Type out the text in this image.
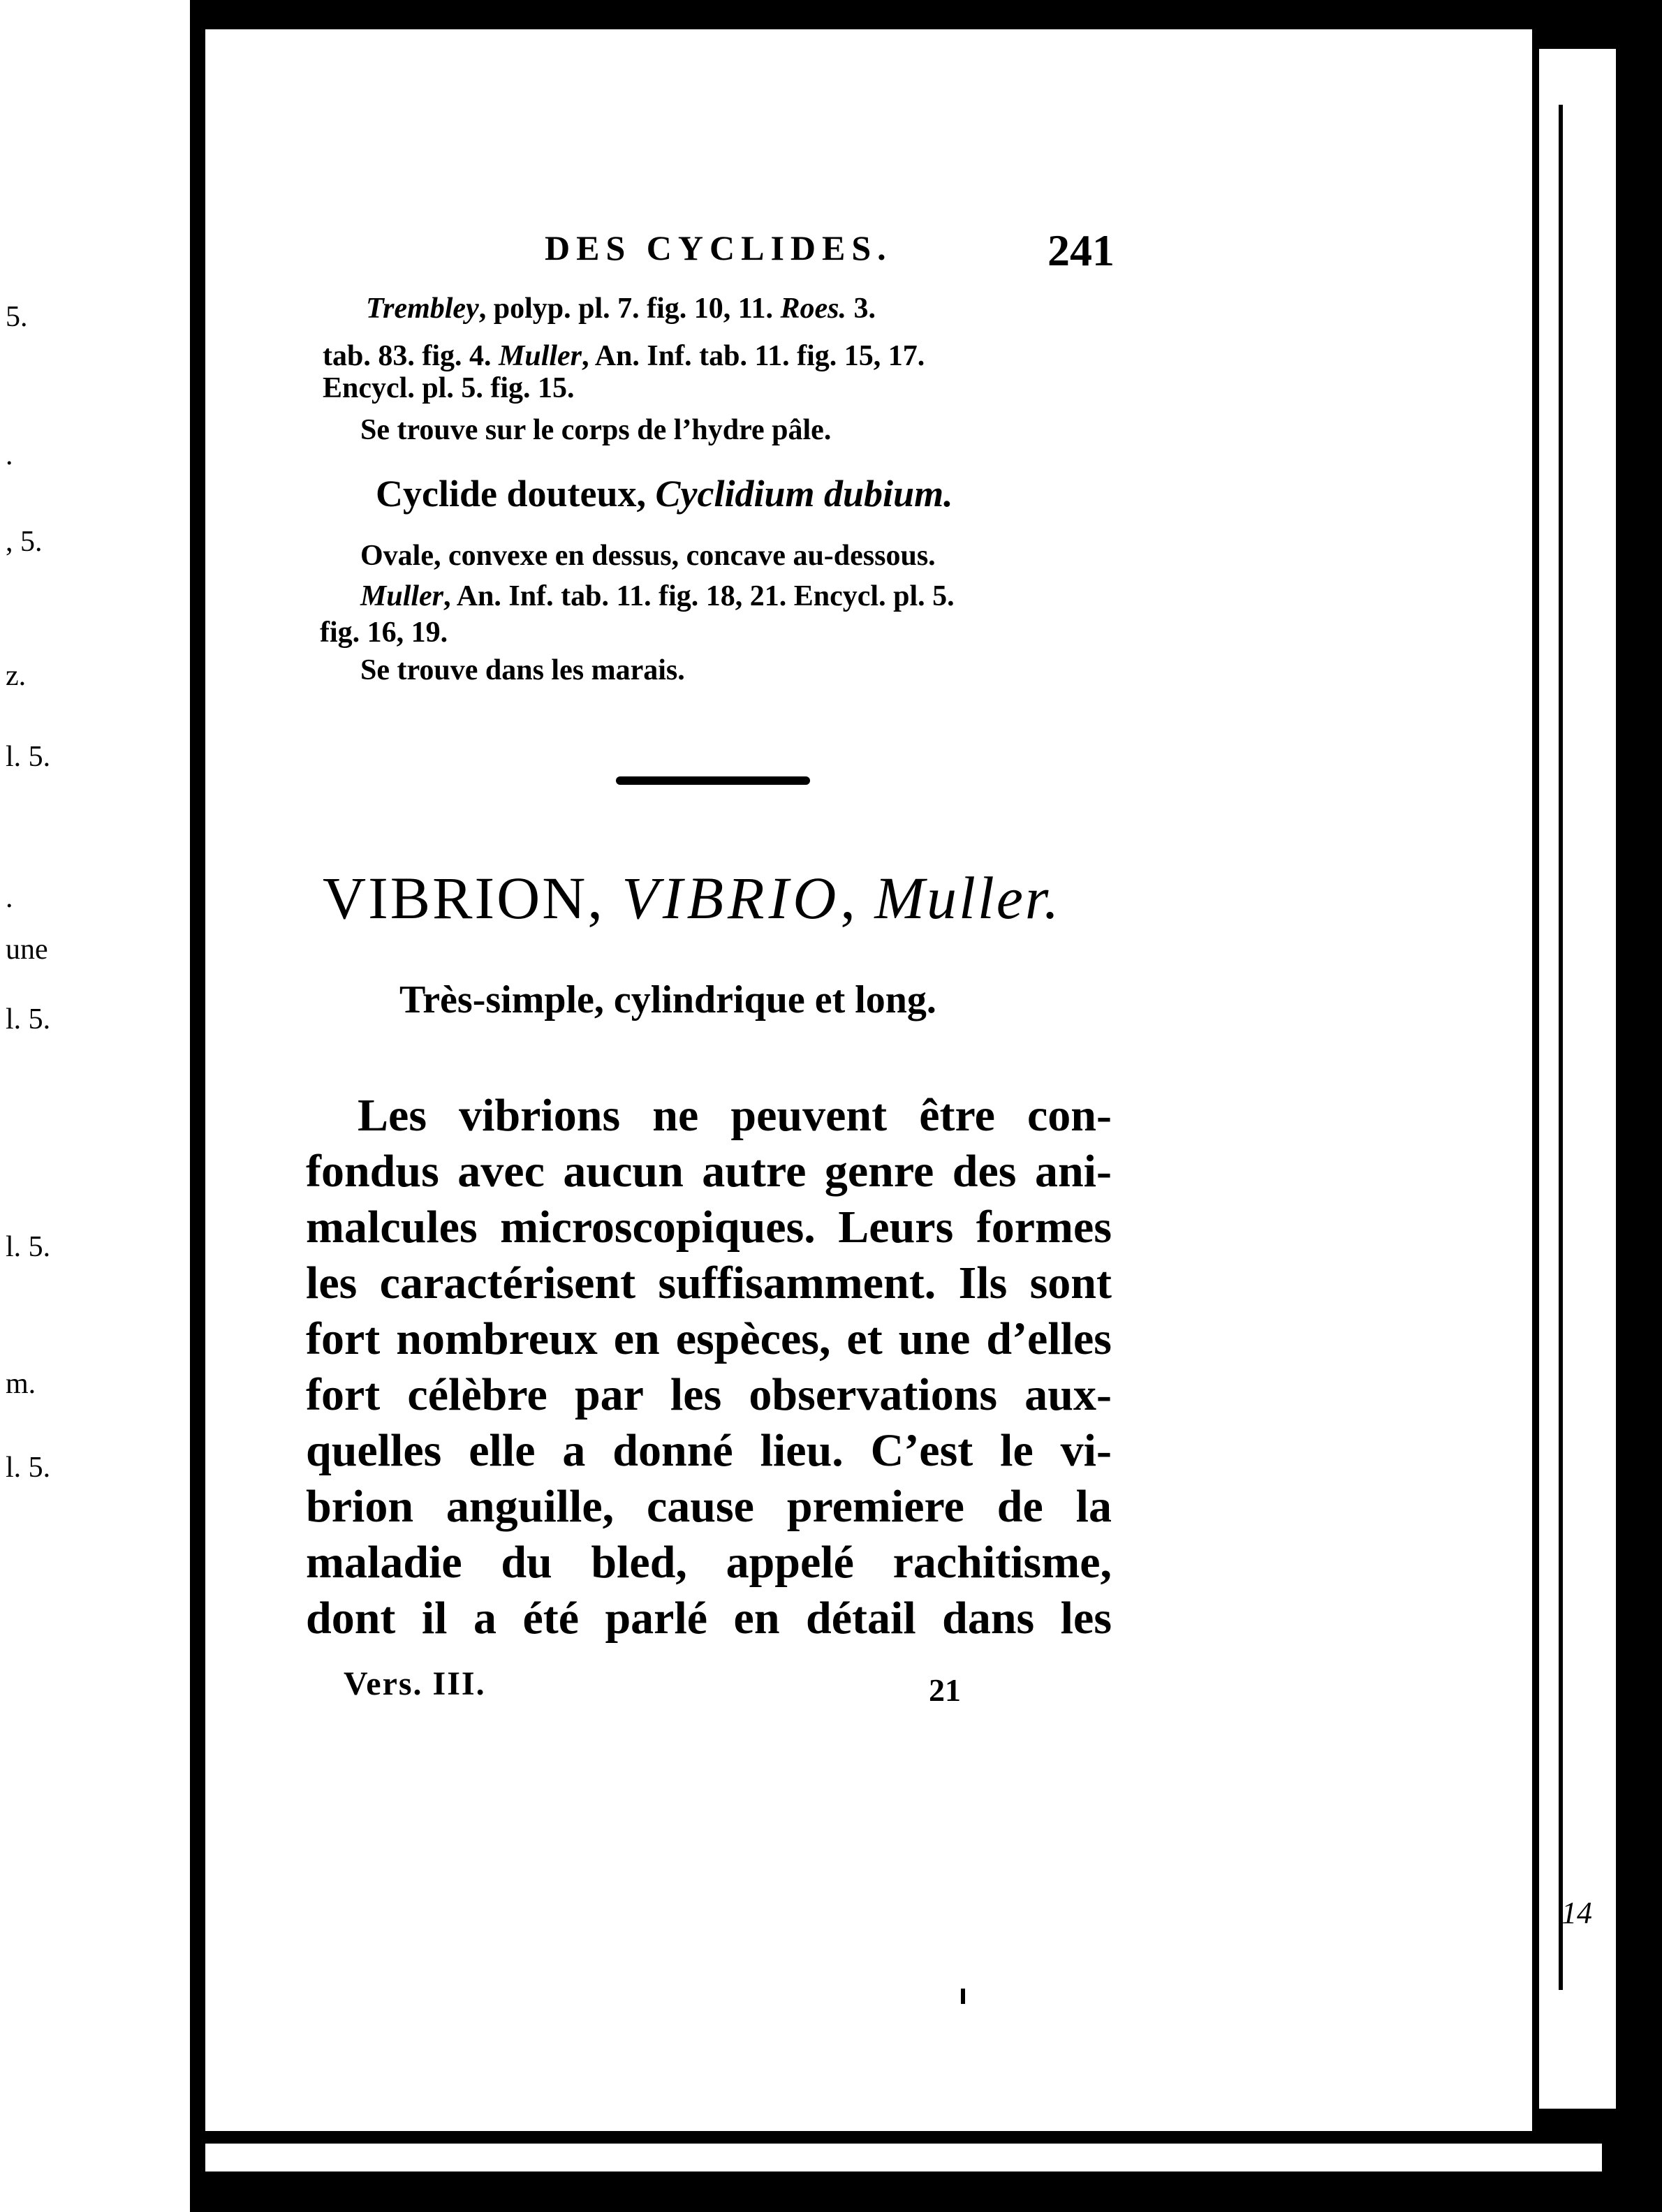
5.
.
, 5.
z.
l. 5.
.
une
l. 5.
l. 5.
m.
l. 5.
DES CYCLIDES.	241
Trembley, polyp. pl. 7. fig. 10, 11. Roes. 3.
tab. 83. fig. 4. Muller, An. Inf. tab. 11. fig. 15, 17.
Encycl. pl. 5. fig. 15.
Se trouve sur le corps de l’hydre pâle.
Cyclide douteux, Cyclidium dubium.
Ovale, convexe en dessus, concave au-dessous.
Muller, An. Inf. tab. 11. fig. 18, 21. Encycl. pl. 5.
fig. 16, 19.
Se trouve dans les marais.
VIBRION, VIBRIO, Muller.
Très-simple, cylindrique et long.
Les vibrions ne peuvent être con-
fondus avec aucun autre genre des ani-
malcules microscopiques. Leurs formes
les caractérisent suffisamment. Ils sont
fort nombreux en espèces, et une d’elles
fort célèbre par les observations aux-
quelles elle a donné lieu. C’est le vi-
brion anguille, cause premiere de la
maladie du bled, appelé rachitisme,
dont il a été parlé en détail dans les
Vers. III.	21
14
